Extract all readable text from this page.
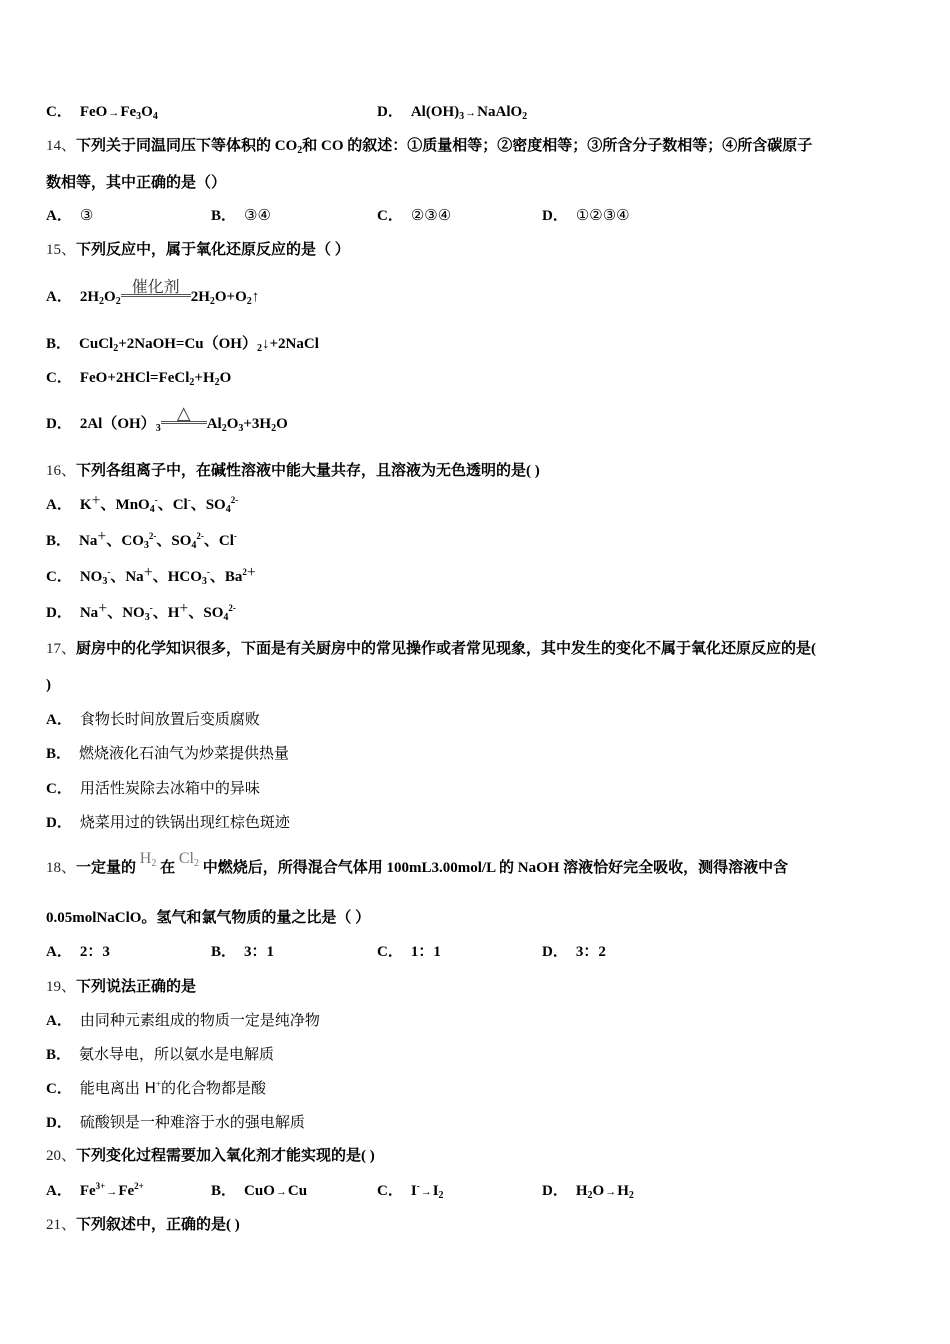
C． $FeO\to Fe_3O_4$	D． $Al(OH)_3\to NaAlO_2$
14、下列关于同温同压下等体积的 $CO_2$和 CO 的叙述：①质量相等；②密度相等；③所含分子数相等；④所含碳原子
数相等，其中正确的是（）
A． ③	B． ③④	C． ②③④	D． ①②③④
15、下列反应中，属于氧化还原反应的是（ ）
A． $2H_2O_2$
催化剂
$2H_2O+O_2↑$
B． $CuCl_2+2NaOH=Cu(OH)_2↓+2NaCl$
C． $FeO+2HCl=FeCl_2+H_2O$
D． $2Al(OH)_3$
△	$Al_2O_3+3H_2O$
16、下列各组离子中，在碱性溶液中能大量共存，且溶液为无色透明的是( )
A． K＋、MnO$_4$-、Cl-、$SO_4^{2-}$
B． Na＋、$CO_3^{2-}$、$SO_4^{2-}$、Cl-
C． $NO_3^-$、Na＋、$HCO_3^-$、$Ba^{2+}$
D． Na＋、$NO_3^-$、H＋、$SO_4^{2-}$
17、厨房中的化学知识很多，下面是有关厨房中的常见操作或者常见现象，其中发生的变化不属于氧化还原反应的是(
)
A． 食物长时间放置后变质腐败
B． 燃烧液化石油气为炒菜提供热量
C． 用活性炭除去冰箱中的异味
D． 烧菜用过的铁锅出现红棕色斑迹
18、一定量的 $H_2$ 在 $Cl_2$ 中燃烧后，所得混合气体用 100mL3.00mol/L 的 NaOH 溶液恰好完全吸收，测得溶液中含
0.05molNaClO。氢气和氯气物质的量之比是（ ）
A． 2：3	B． 3：1	C． 1：1	D． 3：2
19、下列说法正确的是
A． 由同种元素组成的物质一定是纯净物
B． 氨水导电，所以氨水是电解质
C． 能电离出 H+的化合物都是酸
D． 硫酸钡是一种难溶于水的强电解质
20、下列变化过程需要加入氧化剂才能实现的是( )
A． $Fe^{3+}\to Fe^{2+}$	B． CuO→Cu	C． $I^-\to I_2$	D． $H_2O\to H_2$
21、下列叙述中，正确的是( )
